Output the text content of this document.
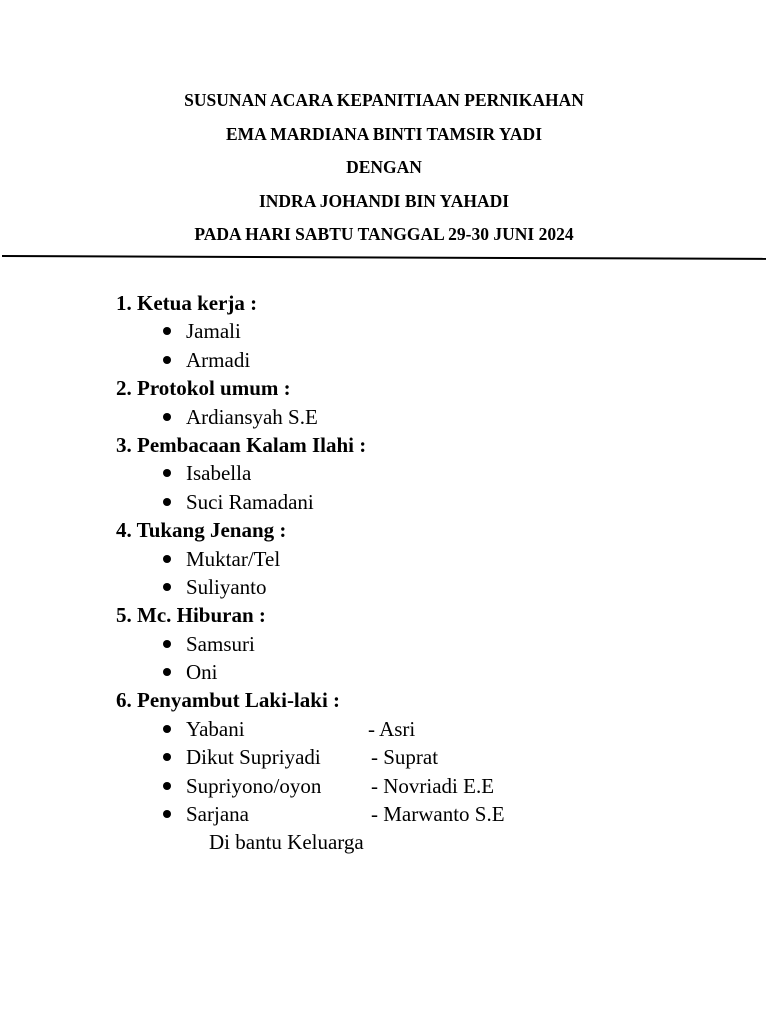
SUSUNAN ACARA KEPANITIAAN PERNIKAHAN
EMA MARDIANA BINTI TAMSIR YADI
DENGAN
INDRA JOHANDI BIN YAHADI
PADA HARI SABTU TANGGAL 29-30 JUNI 2024
1. Ketua kerja :
Jamali
Armadi
2. Protokol umum :
Ardiansyah S.E
3. Pembacaan Kalam Ilahi :
Isabella
Suci Ramadani
4. Tukang Jenang :
Muktar/Tel
Suliyanto
5. Mc. Hiburan :
Samsuri
Oni
6. Penyambut Laki-laki :
Yabani	- Asri
Dikut Supriyadi - Suprat
Supriyono/oyon - Novriadi E.E
Sarjana	- Marwanto S.E
Di bantu Keluarga
